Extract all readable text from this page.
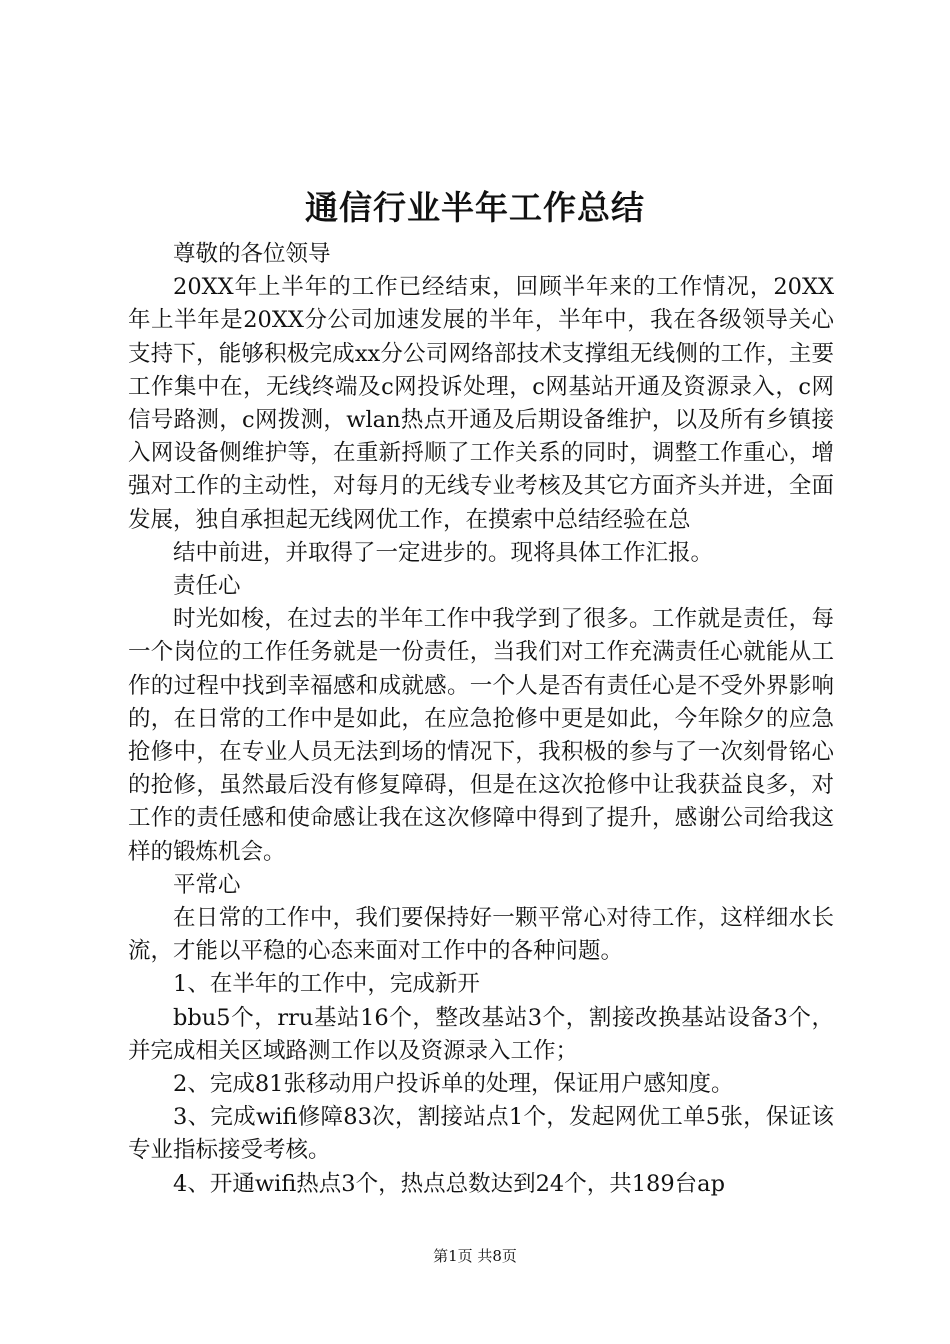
通信行业半年工作总结

尊敬的各位领导

20XX年上半年的工作已经结束，回顾半年来的工作情况，20XX年上半年是20XX分公司加速发展的半年，半年中，我在各级领导关心支持下，能够积极完成xx分公司网络部技术支撑组无线侧的工作，主要工作集中在，无线终端及c网投诉处理，c网基站开通及资源录入，c网信号路测，c网拨测，wlan热点开通及后期设备维护，以及所有乡镇接入网设备侧维护等，在重新捋顺了工作关系的同时，调整工作重心，增强对工作的主动性，对每月的无线专业考核及其它方面齐头并进，全面发展，独自承担起无线网优工作，在摸索中总结经验在总

结中前进，并取得了一定进步的。现将具体工作汇报。

责任心

时光如梭，在过去的半年工作中我学到了很多。工作就是责任，每一个岗位的工作任务就是一份责任，当我们对工作充满责任心就能从工作的过程中找到幸福感和成就感。一个人是否有责任心是不受外界影响的，在日常的工作中是如此，在应急抢修中更是如此，今年除夕的应急抢修中，在专业人员无法到场的情况下，我积极的参与了一次刻骨铭心的抢修，虽然最后没有修复障碍，但是在这次抢修中让我获益良多，对工作的责任感和使命感让我在这次修障中得到了提升，感谢公司给我这样的锻炼机会。

平常心

在日常的工作中，我们要保持好一颗平常心对待工作，这样细水长流，才能以平稳的心态来面对工作中的各种问题。

1、在半年的工作中，完成新开

bbu5个，rru基站16个，整改基站3个，割接改换基站设备3个，并完成相关区域路测工作以及资源录入工作；

2、完成81张移动用户投诉单的处理，保证用户感知度。

3、完成wifi修障83次，割接站点1个，发起网优工单5张，保证该专业指标接受考核。

4、开通wifi热点3个，热点总数达到24个，共189台ap

第1页 共8页
